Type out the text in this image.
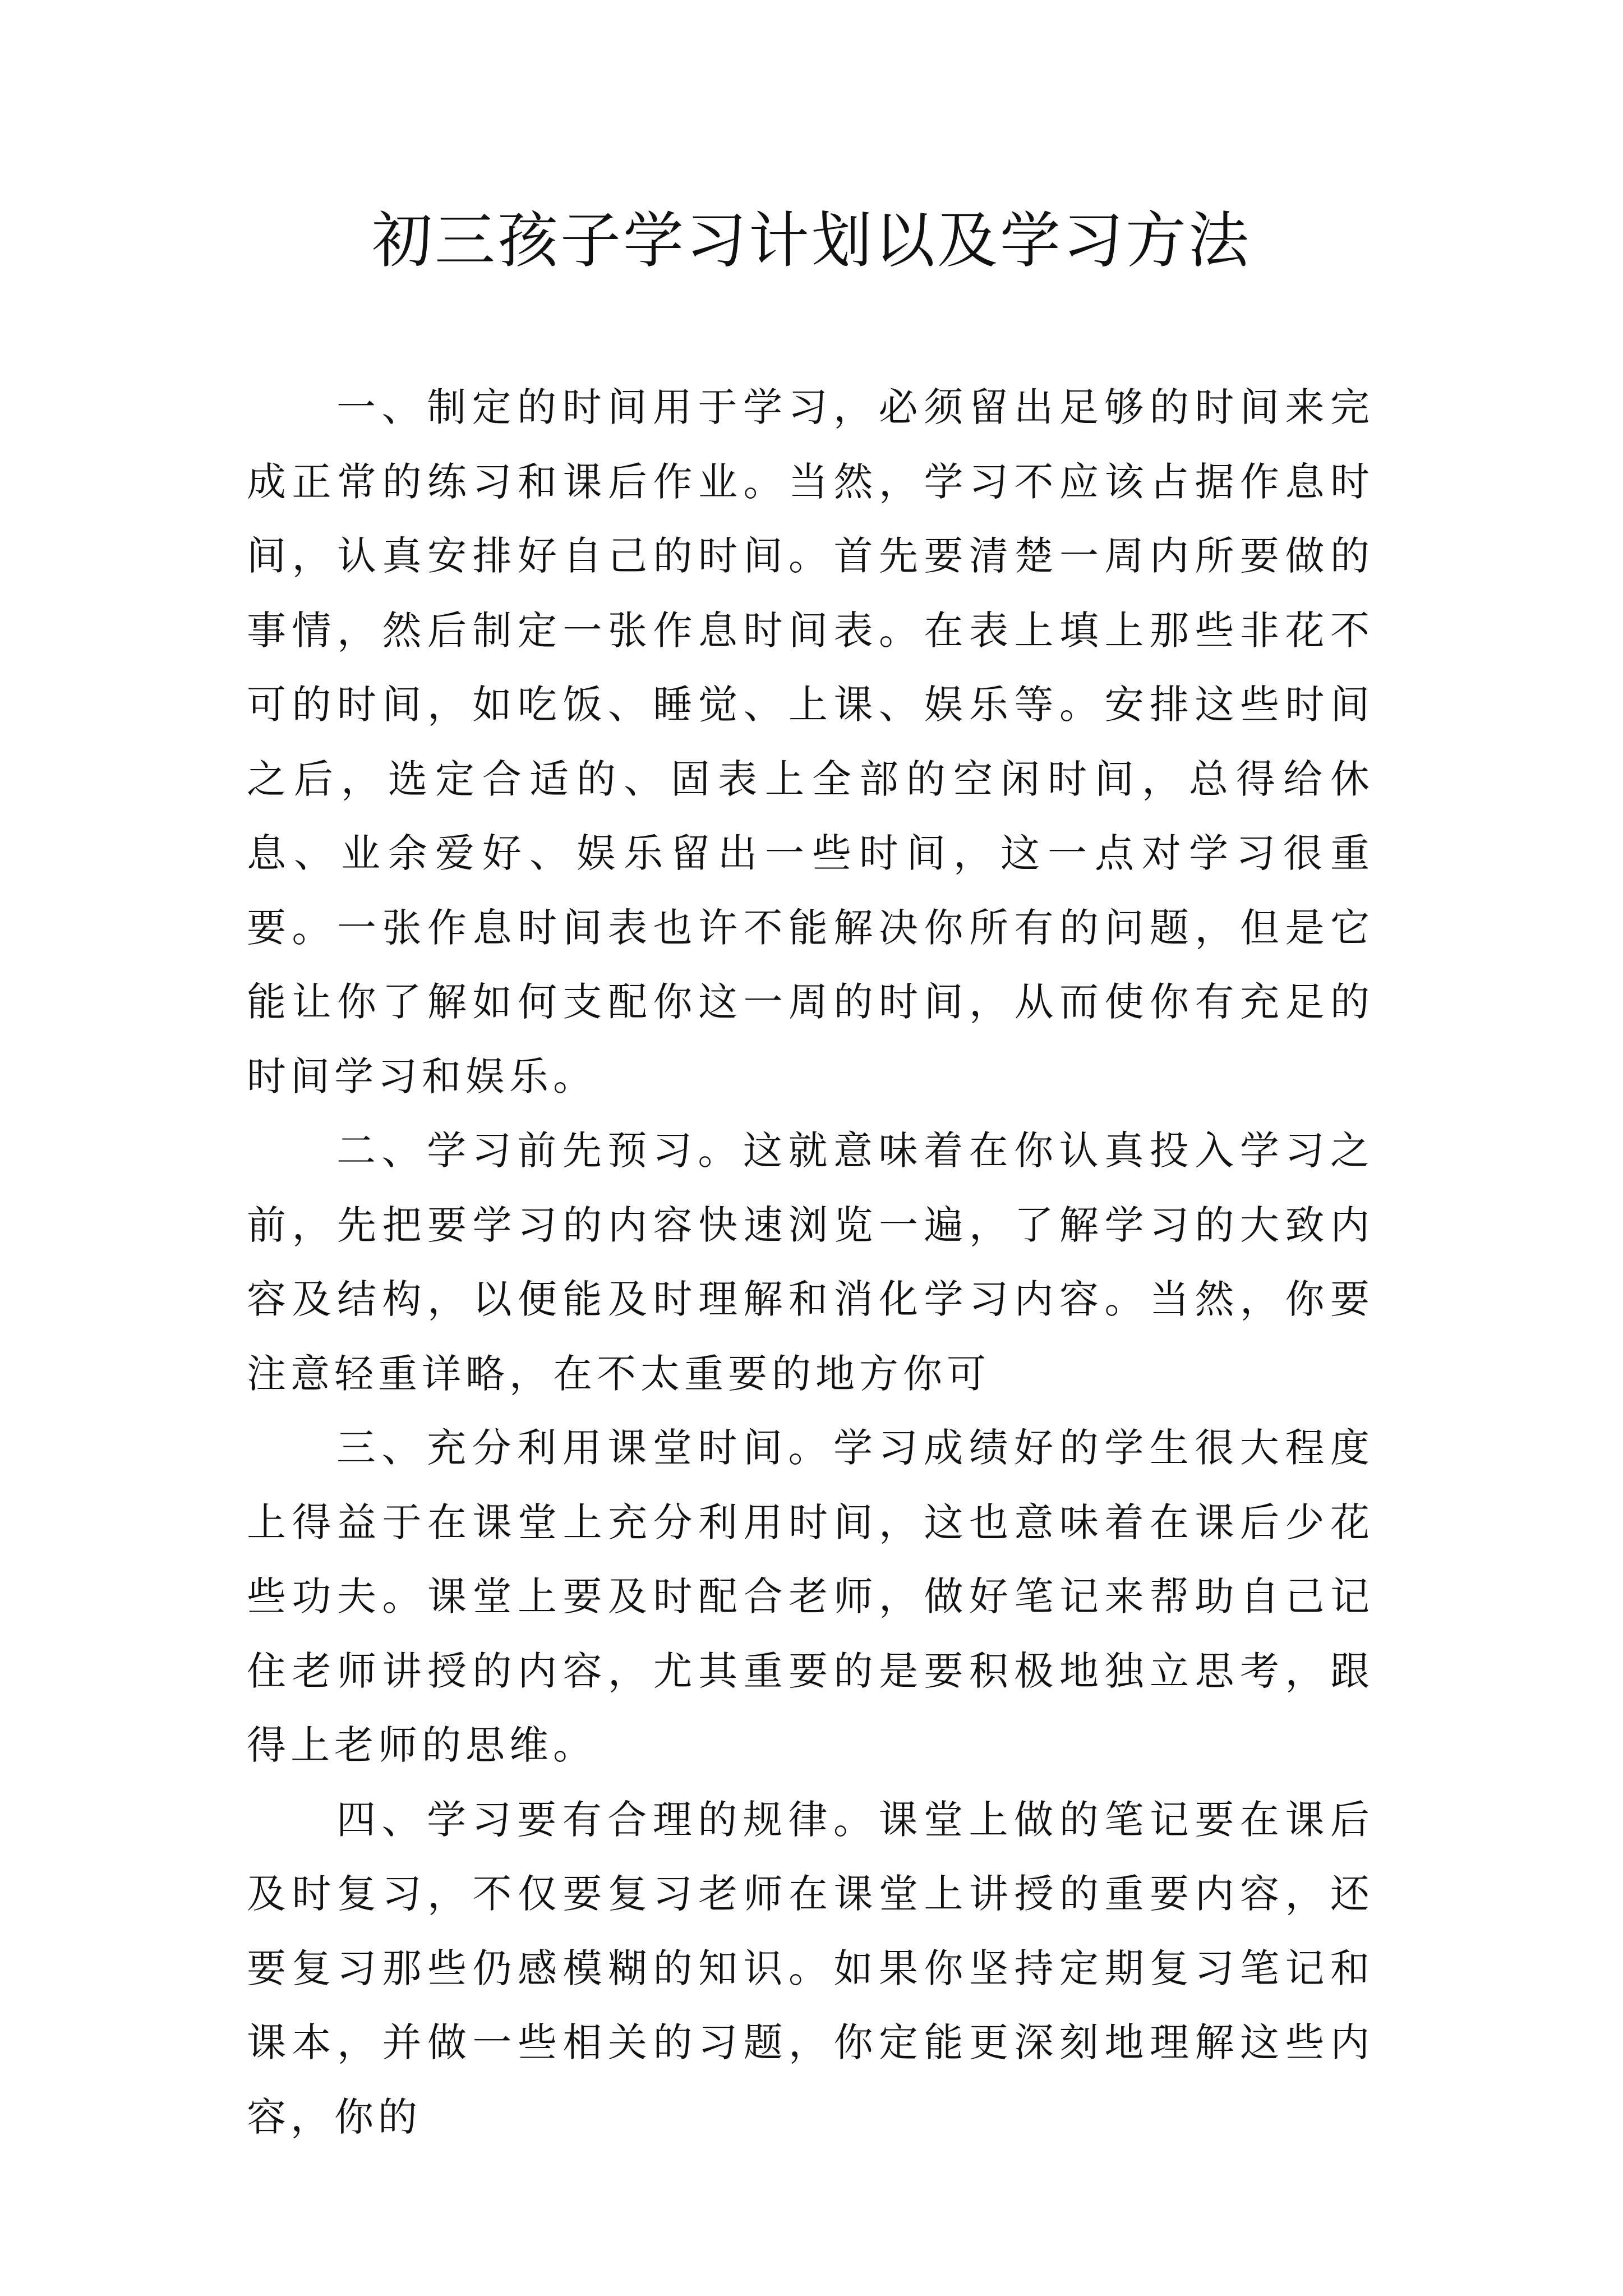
初三孩子学习计划以及学习方法

一、制定的时间用于学习，必须留出足够的时间来完成正常的练习和课后作业。当然，学习不应该占据作息时间，认真安排好自己的时间。首先要清楚一周内所要做的事情，然后制定一张作息时间表。在表上填上那些非花不可的时间，如吃饭、睡觉、上课、娱乐等。安排这些时间之后，选定合适的、固表上全部的空闲时间，总得给休息、业余爱好、娱乐留出一些时间，这一点对学习很重要。一张作息时间表也许不能解决你所有的问题，但是它能让你了解如何支配你这一周的时间，从而使你有充足的时间学习和娱乐。

二、学习前先预习。这就意味着在你认真投入学习之前，先把要学习的内容快速浏览一遍，了解学习的大致内容及结构，以便能及时理解和消化学习内容。当然，你要注意轻重详略，在不太重要的地方你可

三、充分利用课堂时间。学习成绩好的学生很大程度上得益于在课堂上充分利用时间，这也意味着在课后少花些功夫。课堂上要及时配合老师，做好笔记来帮助自己记住老师讲授的内容，尤其重要的是要积极地独立思考，跟得上老师的思维。

四、学习要有合理的规律。课堂上做的笔记要在课后及时复习，不仅要复习老师在课堂上讲授的重要内容，还要复习那些仍感模糊的知识。如果你坚持定期复习笔记和课本，并做一些相关的习题，你定能更深刻地理解这些内容，你的
